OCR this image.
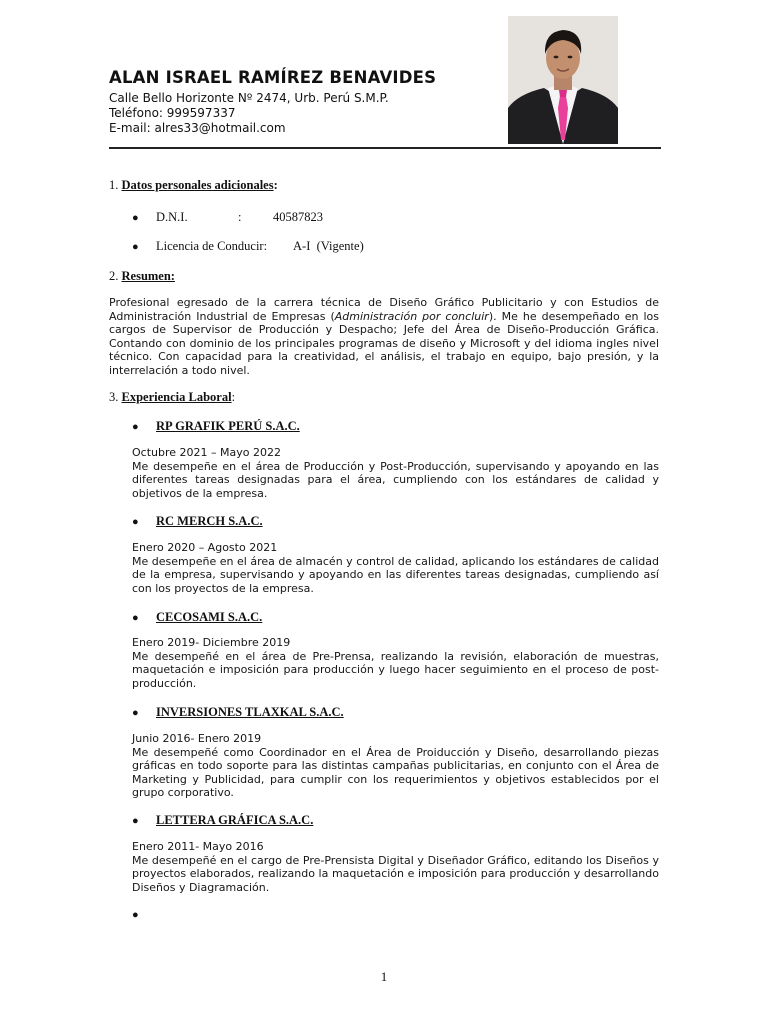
ALAN ISRAEL RAMÍREZ BENAVIDES

Calle Bello Horizonte Nº 2474, Urb. Perú S.M.P.

Teléfono: 999597337

E-mail: alres33@hotmail.com

1. Datos personales adicionales:
●	D.N.I.	:	40587823
●	Licencia de Conducir:	A-I  (Vigente)
2. Resumen:

Profesional egresado de la carrera técnica de Diseño Gráfico Publicitario y con Estudios de Administración Industrial de Empresas (Administración por concluir). Me he desempeñado en los cargos de Supervisor de Producción y Despacho; Jefe del Área de Diseño-Producción Gráfica. Contando con dominio de los principales programas de diseño y Microsoft y del idioma ingles nivel técnico. Con capacidad para la creatividad, el análisis, el trabajo en equipo, bajo presión, y la interrelación a todo nivel.

3. Experiencia Laboral:
●	RP GRAFIK PERÚ S.A.C.

Octubre 2021 – Mayo 2022
Me desempeñe en el área de Producción y Post-Producción, supervisando y apoyando en las diferentes tareas designadas para el área, cumpliendo con los estándares de calidad y objetivos de la empresa.

●	RC MERCH S.A.C.

Enero 2020 – Agosto 2021
Me desempeñe en el área de almacén y control de calidad, aplicando los estándares de calidad de la empresa, supervisando y apoyando en las diferentes tareas designadas, cumpliendo así con los proyectos de la empresa.

●	CECOSAMI S.A.C.

Enero 2019- Diciembre 2019
Me desempeñé en el área de Pre-Prensa, realizando la revisión, elaboración de muestras, maquetación e imposición para producción y luego hacer seguimiento en el proceso de post-producción.

●	INVERSIONES TLAXKAL S.A.C.

Junio 2016- Enero 2019
Me desempeñé como Coordinador en el Área de Proiducción y Diseño, desarrollando piezas gráficas en todo soporte para las distintas campañas publicitarias, en conjunto con el Área de Marketing y Publicidad, para cumplir con los requerimientos y objetivos establecidos por el grupo corporativo.

●	LETTERA GRÁFICA S.A.C.

Enero 2011- Mayo 2016
Me desempeñé en el cargo de Pre-Prensista Digital y Diseñador Gráfico, editando los Diseños y proyectos elaborados, realizando la maquetación e imposición para producción y desarrollando Diseños y Diagramación.

●
1
